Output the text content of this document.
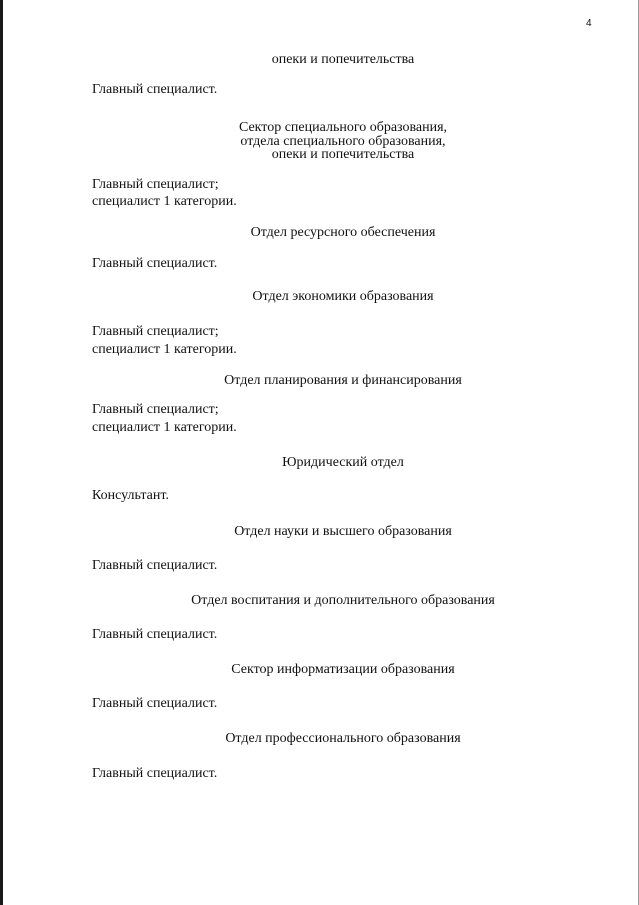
4
опеки и попечительства
Главный специалист.
Сектор специального образования,
отдела специального образования,
опеки и попечительства
Главный специалист;
специалист 1 категории.
Отдел ресурсного обеспечения
Главный специалист.
Отдел экономики образования
Главный специалист;
специалист 1 категории.
Отдел планирования и финансирования
Главный специалист;
специалист 1 категории.
Юридический отдел
Консультант.
Отдел науки и высшего образования
Главный специалист.
Отдел воспитания и дополнительного образования
Главный специалист.
Сектор информатизации образования
Главный специалист.
Отдел профессионального образования
Главный специалист.
